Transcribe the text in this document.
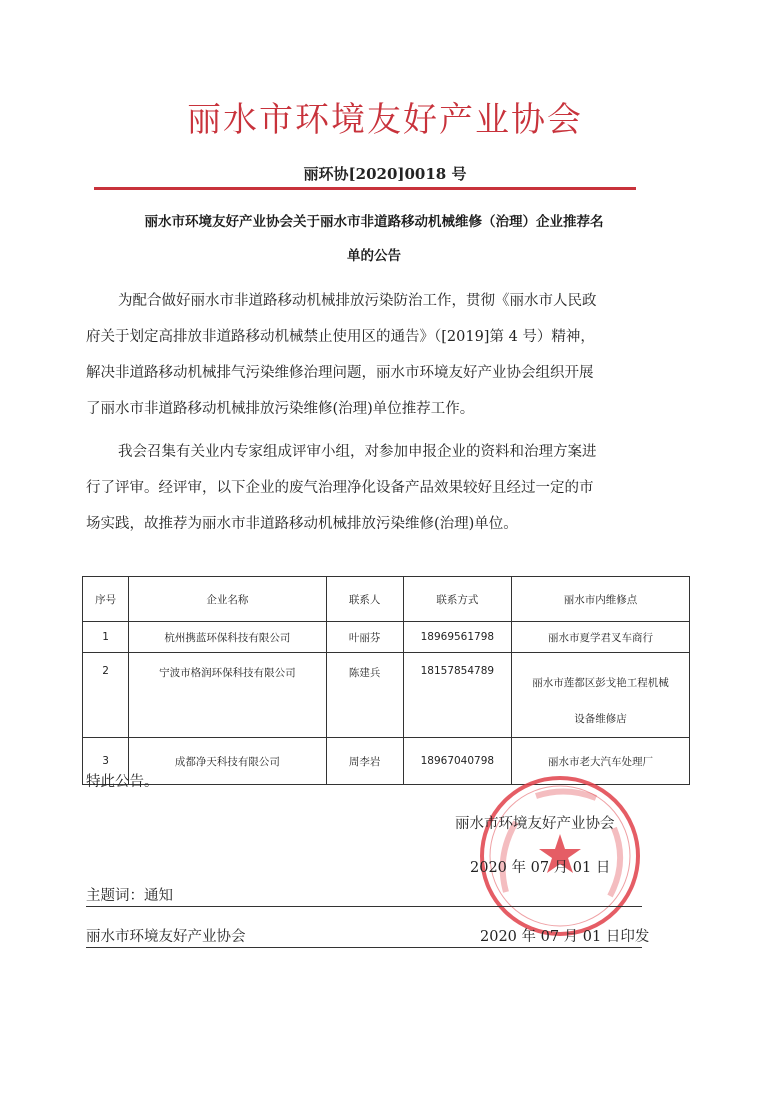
丽水市环境友好产业协会
丽环协[2020]0018 号
丽水市环境友好产业协会关于丽水市非道路移动机械维修（治理）企业推荐名
单的公告
为配合做好丽水市非道路移动机械排放污染防治工作，贯彻《丽水市人民政
府关于划定高排放非道路移动机械禁止使用区的通告》（[2019]第 4 号）精神，
解决非道路移动机械排气污染维修治理问题，丽水市环境友好产业协会组织开展
了丽水市非道路移动机械排放污染维修(治理)单位推荐工作。
我会召集有关业内专家组成评审小组，对参加申报企业的资料和治理方案进
行了评审。经评审，以下企业的废气治理净化设备产品效果较好且经过一定的市
场实践，故推荐为丽水市非道路移动机械排放污染维修(治理)单位。
序号	企业名称	联系人	联系方式	丽水市内维修点
1	杭州携蓝环保科技有限公司	叶丽芬	18969561798	丽水市夏学君叉车商行
2	宁波市格润环保科技有限公司	陈建兵	18157854789	丽水市莲都区彭戈艳工程机械
设备维修店

3	成都净天科技有限公司	周李岩	18967040798	丽水市老大汽车处理厂
特此公告。
丽水市环境友好产业协会
2020 年 07 月 01 日
主题词：通知
丽水市环境友好产业协会	2020 年 07 月 01 日印发
